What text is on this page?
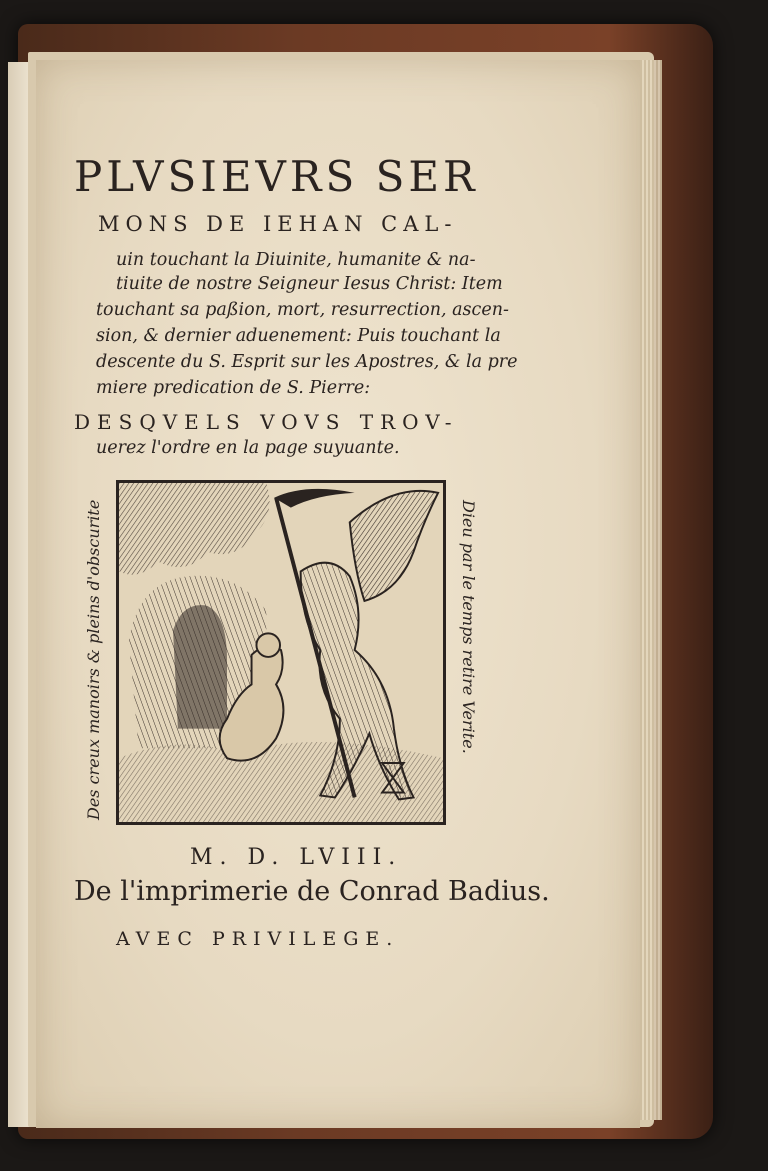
PLVSIEVRS SER
MONS DE IEHAN CAL-
uin touchant la Diuinite, humanite & na-
tiuite de nostre Seigneur Iesus Christ: Item
touchant sa paßion, mort, resurrection, ascen-
sion, & dernier aduenement: Puis touchant la
descente du S. Esprit sur les Apostres, & la pre
miere predication de S. Pierre:
DESQVELS VOVS TROV-
uerez l'ordre en la page suyuante.
Des creux manoirs & pleins d'obscurite	Dieu par le temps retire Verite.
M. D. LVIII.
De l'imprimerie de Conrad Badius.
AVEC PRIVILEGE.
